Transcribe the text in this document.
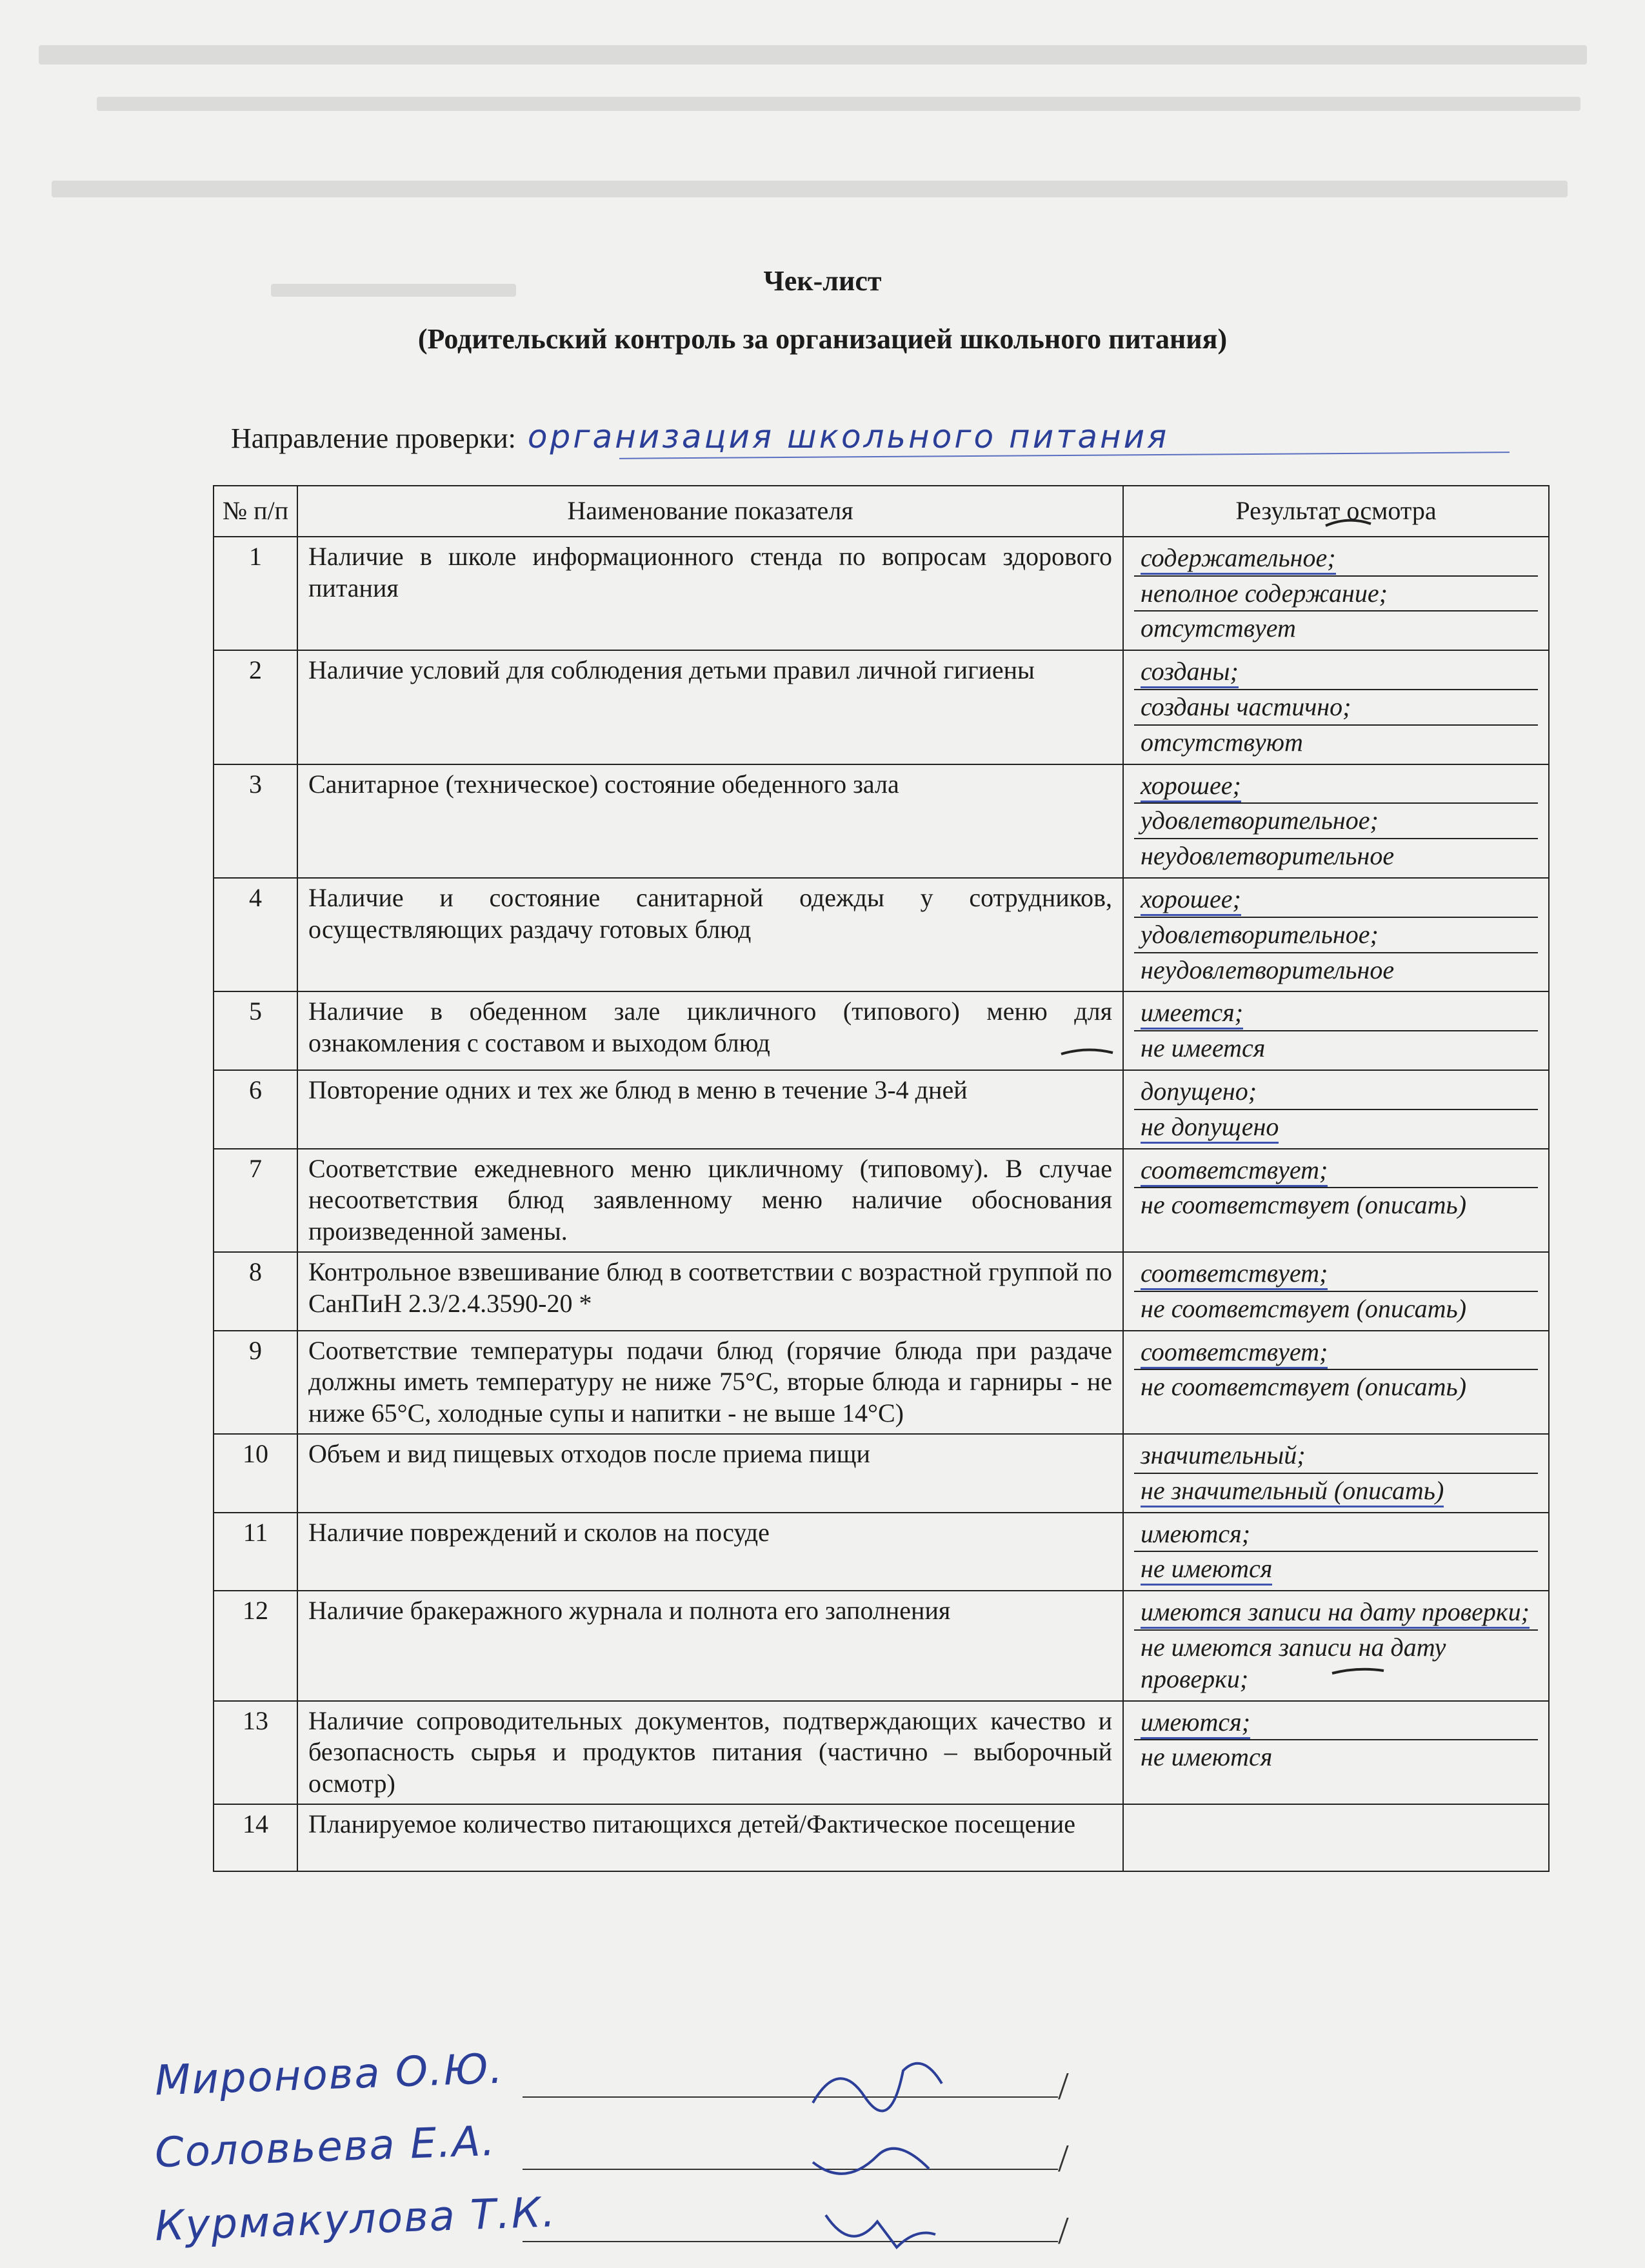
Чек-лист
(Родительский контроль за организацией школьного питания)
Направление проверки: организация школьного питания
№ п/п	Наименование показателя	Результат осмотра
1	Наличие в школе информационного стенда по вопросам здорового питания	содержательное;
неполное содержание;
отсутствует

2	Наличие условий для соблюдения детьми правил личной гигиены	созданы;
созданы частично;
отсутствуют

3	Санитарное (техническое) состояние обеденного зала	хорошее;
удовлетворительное;
неудовлетворительное

4	Наличие и состояние санитарной одежды у сотрудников, осуществляющих раздачу готовых блюд	хорошее;
удовлетворительное;
неудовлетворительное

5	Наличие в обеденном зале цикличного (типового) меню для ознакомления с составом и выходом блюд	имеется;
не имеется

6	Повторение одних и тех же блюд в меню в течение 3-4 дней	допущено;
не допущено

7	Соответствие ежедневного меню цикличному (типовому). В случае несоответствия блюд заявленному меню наличие обоснования произведенной замены.	соответствует;
не соответствует (описать)

8	Контрольное взвешивание блюд в соответствии с возрастной группой по СанПиН 2.3/2.4.3590-20 *	соответствует;
не соответствует (описать)

9	Соответствие температуры подачи блюд (горячие блюда при раздаче должны иметь температуру не ниже 75°С, вторые блюда и гарниры - не ниже 65°С, холодные супы и напитки - не выше 14°С)	соответствует;
не соответствует (описать)

10	Объем и вид пищевых отходов после приема пищи	значительный;
не значительный (описать)

11	Наличие повреждений и сколов на посуде	имеются;
не имеются

12	Наличие бракеражного журнала и полнота его заполнения	имеются записи на дату проверки;
не имеются записи на дату проверки;

13	Наличие сопроводительных документов, подтверждающих качество и безопасность сырья и продуктов питания (частично – выборочный осмотр)	имеются;
не имеются

14	Планируемое количество питающихся детей/Фактическое посещение	
Миронова О.Ю.	/
Соловьева Е.А.	/
Курмакулова Т.К.	/
